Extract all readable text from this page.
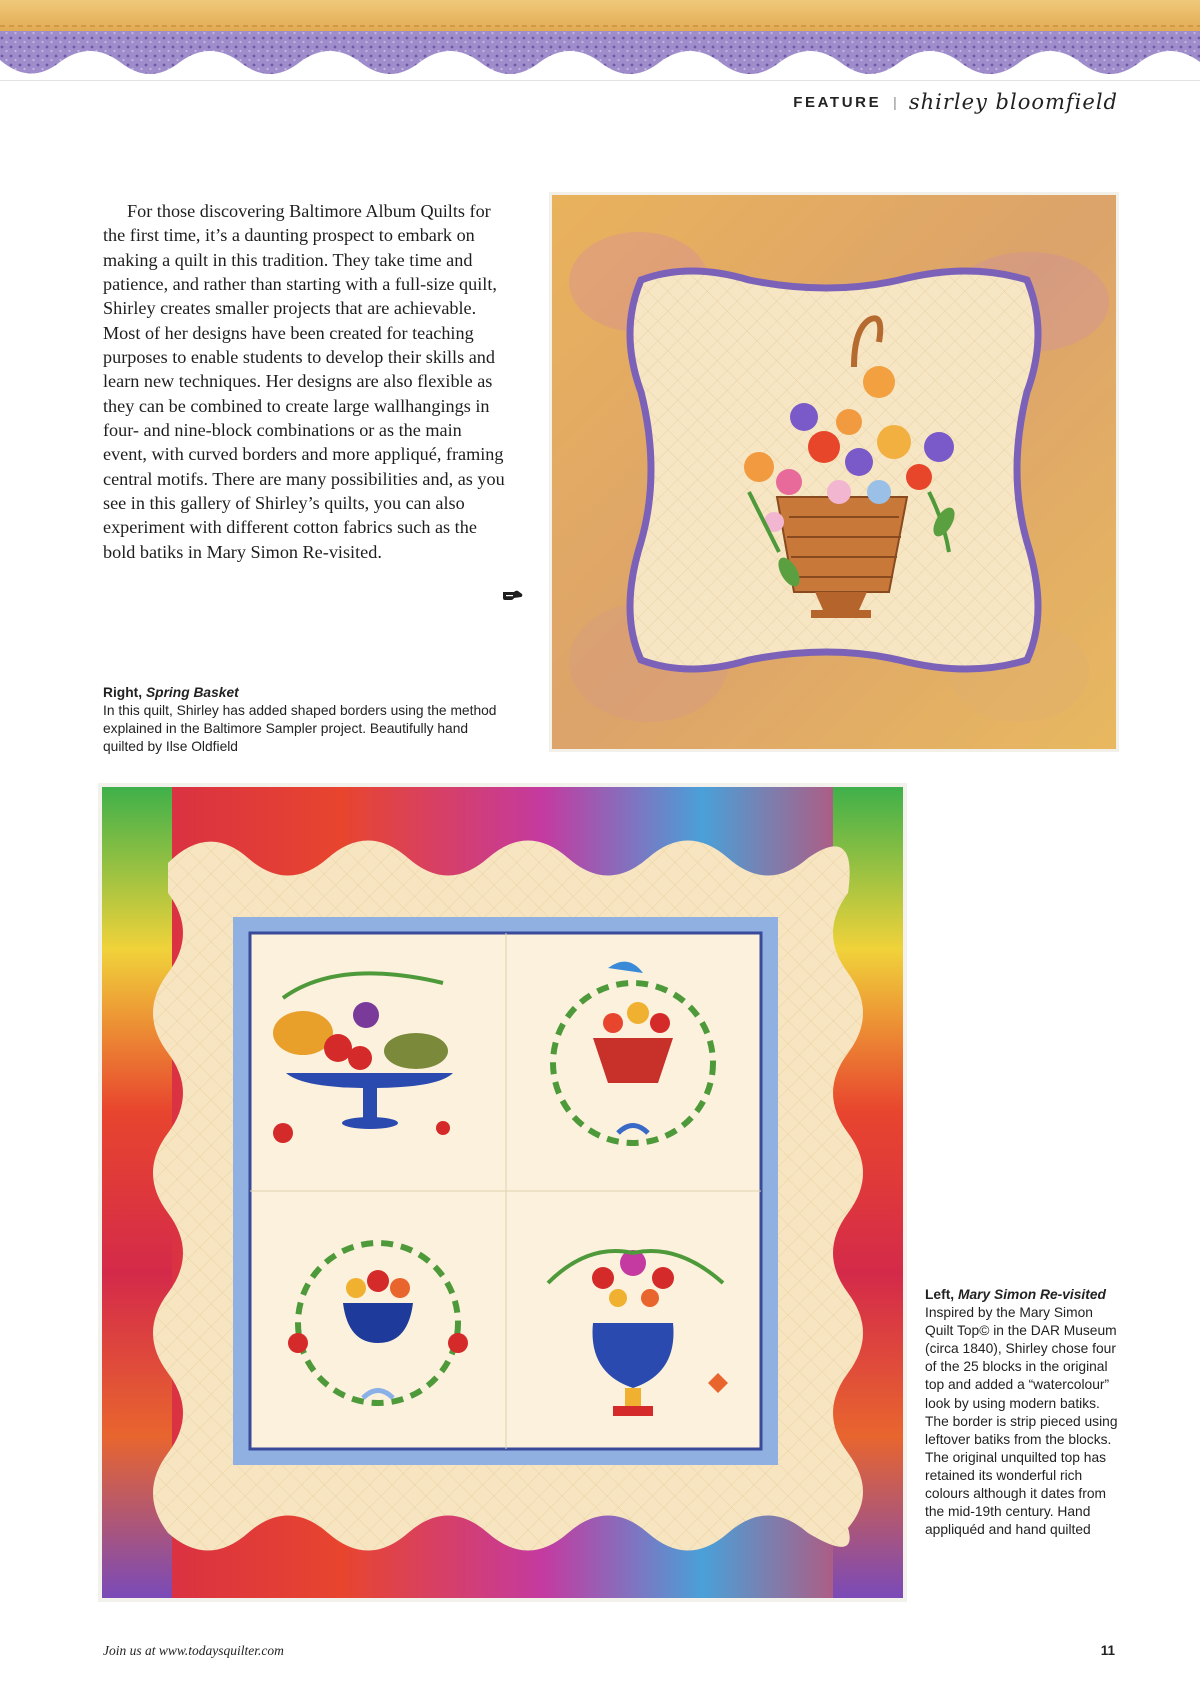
FEATURE | shirley bloomfield

For those discovering Baltimore Album Quilts for the first time, it’s a daunting prospect to embark on making a quilt in this tradition. They take time and patience, and rather than starting with a full-size quilt, Shirley creates smaller projects that are achievable. Most of her designs have been created for teaching purposes to enable students to develop their skills and learn new techniques. Her designs are also flexible as they can be combined to create large wallhangings in four- and nine-block combinations or as the main event, with curved borders and more appliqué, framing central motifs. There are many possibilities and, as you see in this gallery of Shirley’s quilts, you can also experiment with different cotton fabrics such as the bold batiks in Mary Simon Re-visited.

Right, Spring Basket
In this quilt, Shirley has added shaped borders using the method explained in the Baltimore Sampler project. Beautifully hand quilted by Ilse Oldfield

Left, Mary Simon Re-visited
Inspired by the Mary Simon Quilt Top© in the DAR Museum (circa 1840), Shirley chose four of the 25 blocks in the original top and added a “watercolour” look by using modern batiks. The border is strip pieced using leftover batiks from the blocks. The original unquilted top has retained its wonderful rich colours although it dates from the mid-19th century. Hand appliquéd and hand quilted

Join us at www.todaysquilter.com	11
